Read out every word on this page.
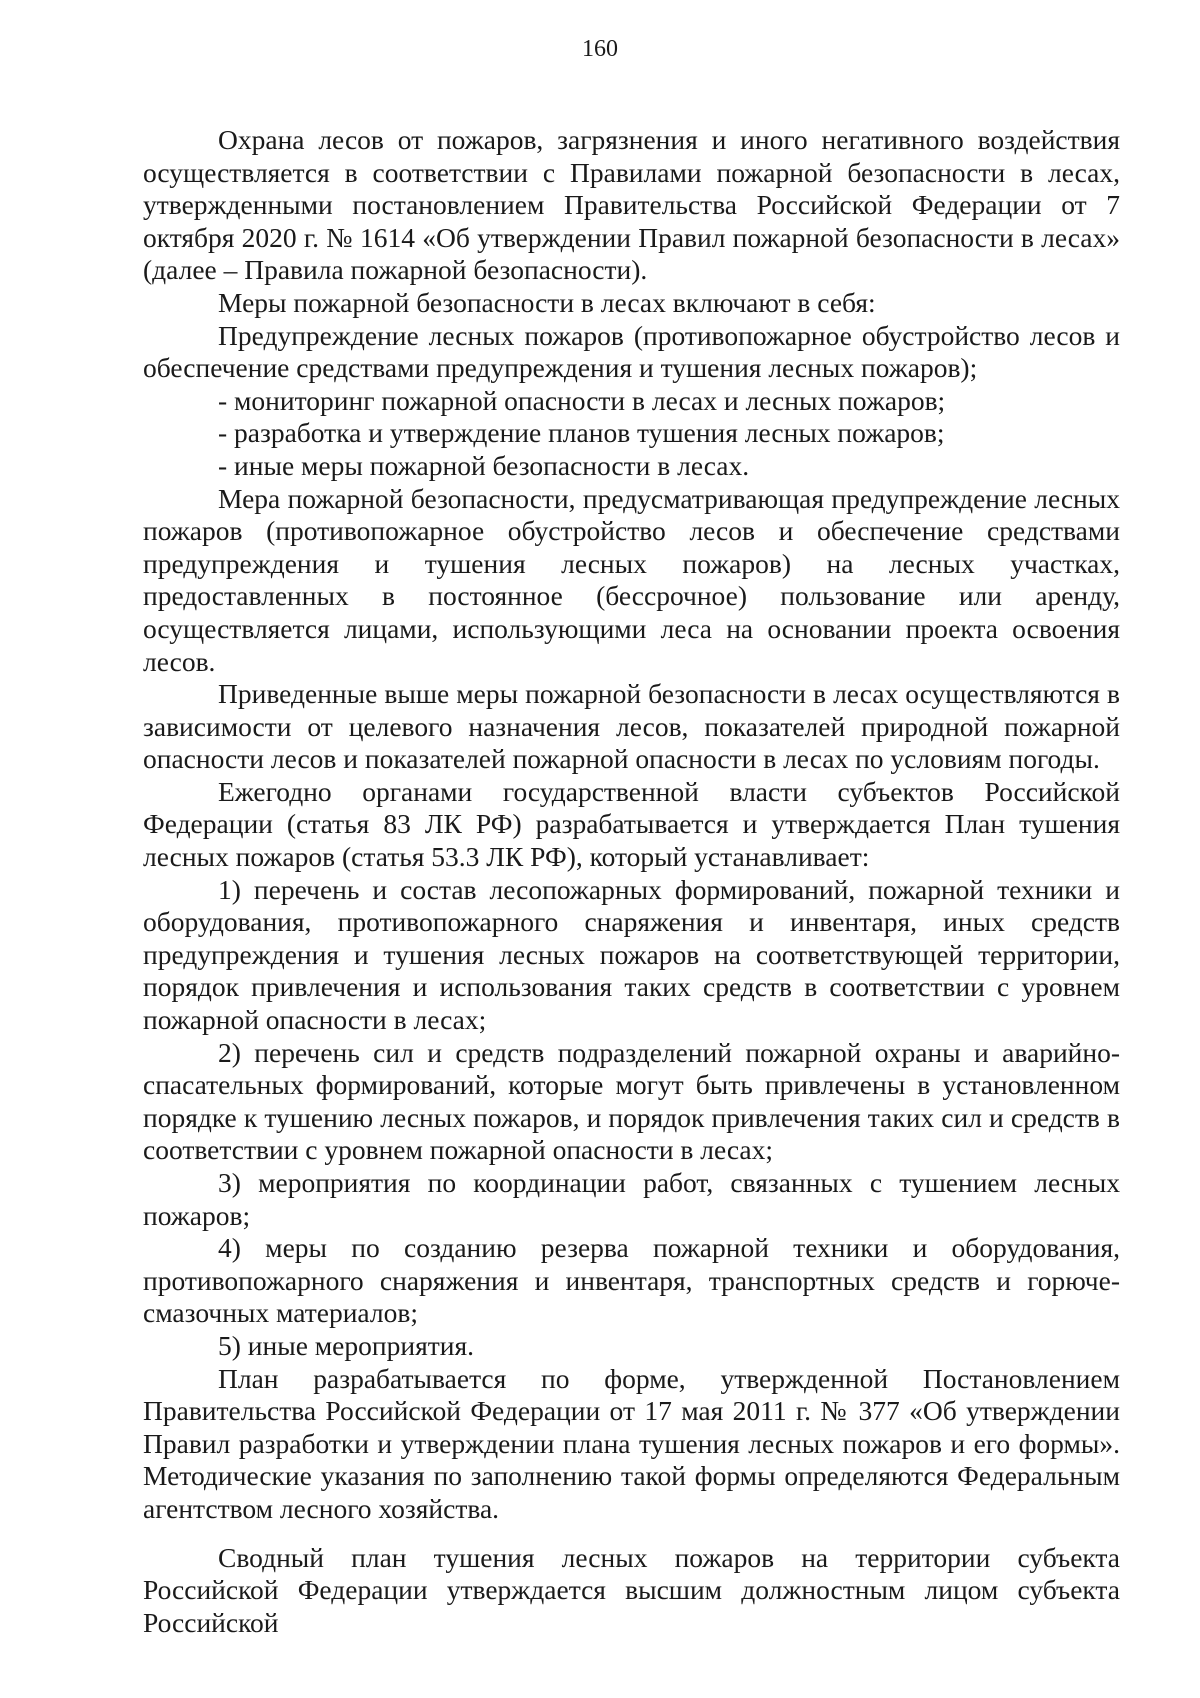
160

Охрана лесов от пожаров, загрязнения и иного негативного воздействия осуществляется в соответствии с Правилами пожарной безопасности в лесах, утвержденными постановлением Правительства Российской Федерации от 7 октября 2020 г. № 1614 «Об утверждении Правил пожарной безопасности в лесах» (далее – Правила пожарной безопасности).

Меры пожарной безопасности в лесах включают в себя:

Предупреждение лесных пожаров (противопожарное обустройство лесов и обеспечение средствами предупреждения и тушения лесных пожаров);

- мониторинг пожарной опасности в лесах и лесных пожаров;

- разработка и утверждение планов тушения лесных пожаров;

- иные меры пожарной безопасности в лесах.

Мера пожарной безопасности, предусматривающая предупреждение лесных пожаров (противопожарное обустройство лесов и обеспечение средствами предупреждения и тушения лесных пожаров) на лесных участках, предоставленных в постоянное (бессрочное) пользование или аренду, осуществляется лицами, использующими леса на основании проекта освоения лесов.

Приведенные выше меры пожарной безопасности в лесах осуществляются в зависимости от целевого назначения лесов, показателей природной пожарной опасности лесов и показателей пожарной опасности в лесах по условиям погоды.

Ежегодно органами государственной власти субъектов Российской Федерации (статья 83 ЛК РФ) разрабатывается и утверждается План тушения лесных пожаров (статья 53.3 ЛК РФ), который устанавливает:

1) перечень и состав лесопожарных формирований, пожарной техники и оборудования, противопожарного снаряжения и инвентаря, иных средств предупреждения и тушения лесных пожаров на соответствующей территории, порядок привлечения и использования таких средств в соответствии с уровнем пожарной опасности в лесах;

2) перечень сил и средств подразделений пожарной охраны и аварийно-спасательных формирований, которые могут быть привлечены в установленном порядке к тушению лесных пожаров, и порядок привлечения таких сил и средств в соответствии с уровнем пожарной опасности в лесах;

3) мероприятия по координации работ, связанных с тушением лесных пожаров;

4) меры по созданию резерва пожарной техники и оборудования, противопожарного снаряжения и инвентаря, транспортных средств и горюче-смазочных материалов;

5) иные мероприятия.

План разрабатывается по форме, утвержденной Постановлением Правительства Российской Федерации от 17 мая 2011 г. № 377 «Об утверждении Правил разработки и утверждении плана тушения лесных пожаров и его формы». Методические указания по заполнению такой формы определяются Федеральным агентством лесного хозяйства.

Сводный план тушения лесных пожаров на территории субъекта Российской Федерации утверждается высшим должностным лицом субъекта Российской
